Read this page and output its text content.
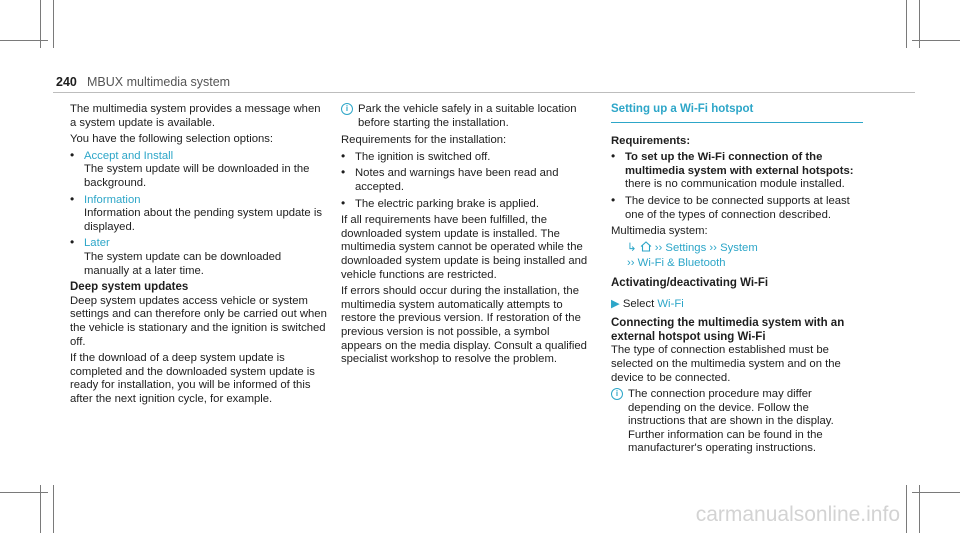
240 MBUX multimedia system

The multimedia system provides a message when a system update is available.

You have the following selection options:

• Accept and Install
The system update will be downloaded in the background.
• Information
Information about the pending system update is displayed.
• Later
The system update can be downloaded manually at a later time.
Deep system updates

Deep system updates access vehicle or system settings and can therefore only be carried out when the vehicle is stationary and the ignition is switched off.

If the download of a deep system update is completed and the downloaded system update is ready for installation, you will be informed of this after the next ignition cycle, for example.

i Park the vehicle safely in a suitable location before starting the installation.

Requirements for the installation:

• The ignition is switched off.
• Notes and warnings have been read and accepted.
• The electric parking brake is applied.

If all requirements have been fulfilled, the downloaded system update is installed. The multimedia system cannot be operated while the downloaded system update is being installed and vehicle functions are restricted.

If errors should occur during the installation, the multimedia system automatically attempts to restore the previous version. If restoration of the previous version is not possible, a symbol appears on the media display. Consult a qualified specialist workshop to resolve the problem.

Setting up a Wi-Fi hotspot
Requirements:
• To set up the Wi-Fi connection of the multimedia system with external hotspots:
there is no communication module installed.
• The device to be connected supports at least one of the types of connection described.

Multimedia system:

↳  ›› Settings ›› System
›› Wi-Fi & Bluetooth
Activating/deactivating Wi-Fi
▶ Select Wi-Fi
Connecting the multimedia system with an external hotspot using Wi-Fi

The type of connection established must be selected on the multimedia system and on the device to be connected.

i The connection procedure may differ depending on the device. Follow the instructions that are shown in the display. Further information can be found in the manufacturer's operating instructions.
carmanualsonline.info
